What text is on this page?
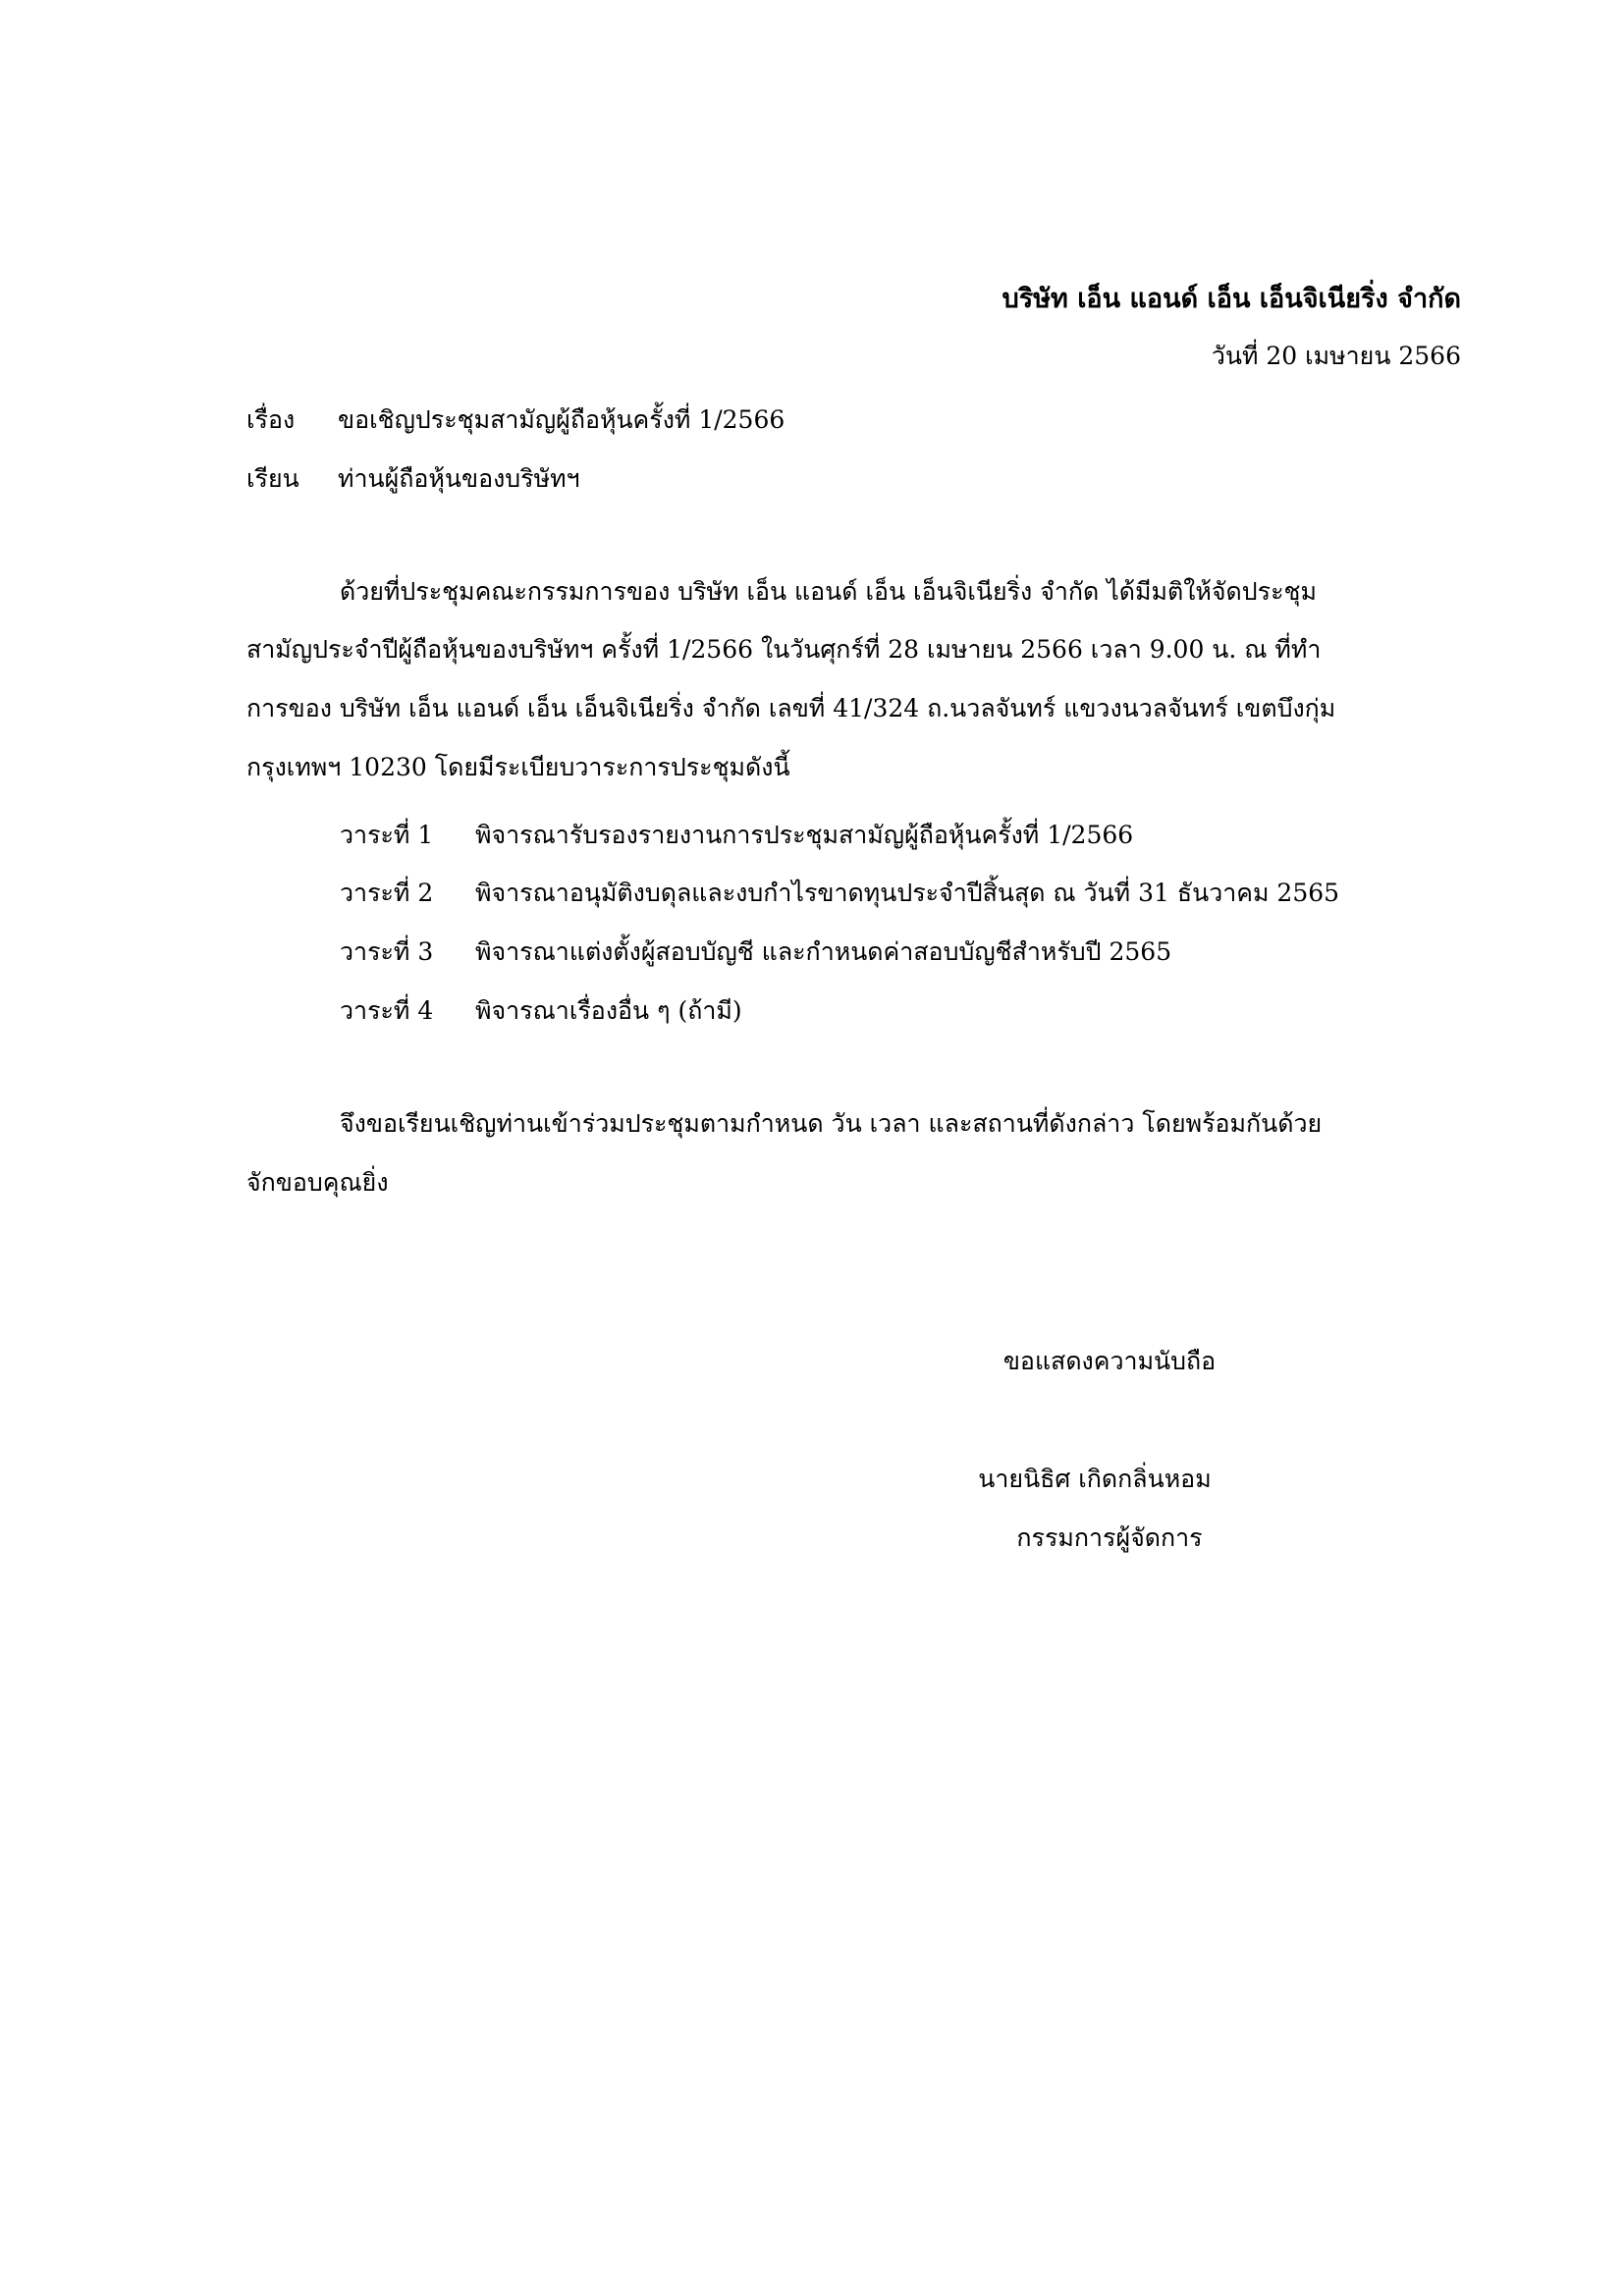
บริษัท เอ็น แอนด์ เอ็น เอ็นจิเนียริ่ง จำกัด
วันที่ 20 เมษายน 2566
เรื่อง ขอเชิญประชุมสามัญผู้ถือหุ้นครั้งที่ 1/2566
เรียน ท่านผู้ถือหุ้นของบริษัทฯ
ด้วยที่ประชุมคณะกรรมการของ บริษัท เอ็น แอนด์ เอ็น เอ็นจิเนียริ่ง จำกัด ได้มีมติให้จัดประชุม
สามัญประจำปีผู้ถือหุ้นของบริษัทฯ ครั้งที่ 1/2566 ในวันศุกร์ที่ 28 เมษายน 2566 เวลา 9.00 น. ณ ที่ทำ
การของ บริษัท เอ็น แอนด์ เอ็น เอ็นจิเนียริ่ง จำกัด เลขที่ 41/324 ถ.นวลจันทร์ แขวงนวลจันทร์ เขตบึงกุ่ม
กรุงเทพฯ 10230 โดยมีระเบียบวาระการประชุมดังนี้
วาระที่ 1 พิจารณารับรองรายงานการประชุมสามัญผู้ถือหุ้นครั้งที่ 1/2566
วาระที่ 2 พิจารณาอนุมัติงบดุลและงบกำไรขาดทุนประจำปีสิ้นสุด ณ วันที่ 31 ธันวาคม 2565
วาระที่ 3 พิจารณาแต่งตั้งผู้สอบบัญชี และกำหนดค่าสอบบัญชีสำหรับปี 2565
วาระที่ 4 พิจารณาเรื่องอื่น ๆ (ถ้ามี)
จึงขอเรียนเชิญท่านเข้าร่วมประชุมตามกำหนด วัน เวลา และสถานที่ดังกล่าว โดยพร้อมกันด้วย
จักขอบคุณยิ่ง
ขอแสดงความนับถือ
นายนิธิศ เกิดกลิ่นหอม
กรรมการผู้จัดการ
